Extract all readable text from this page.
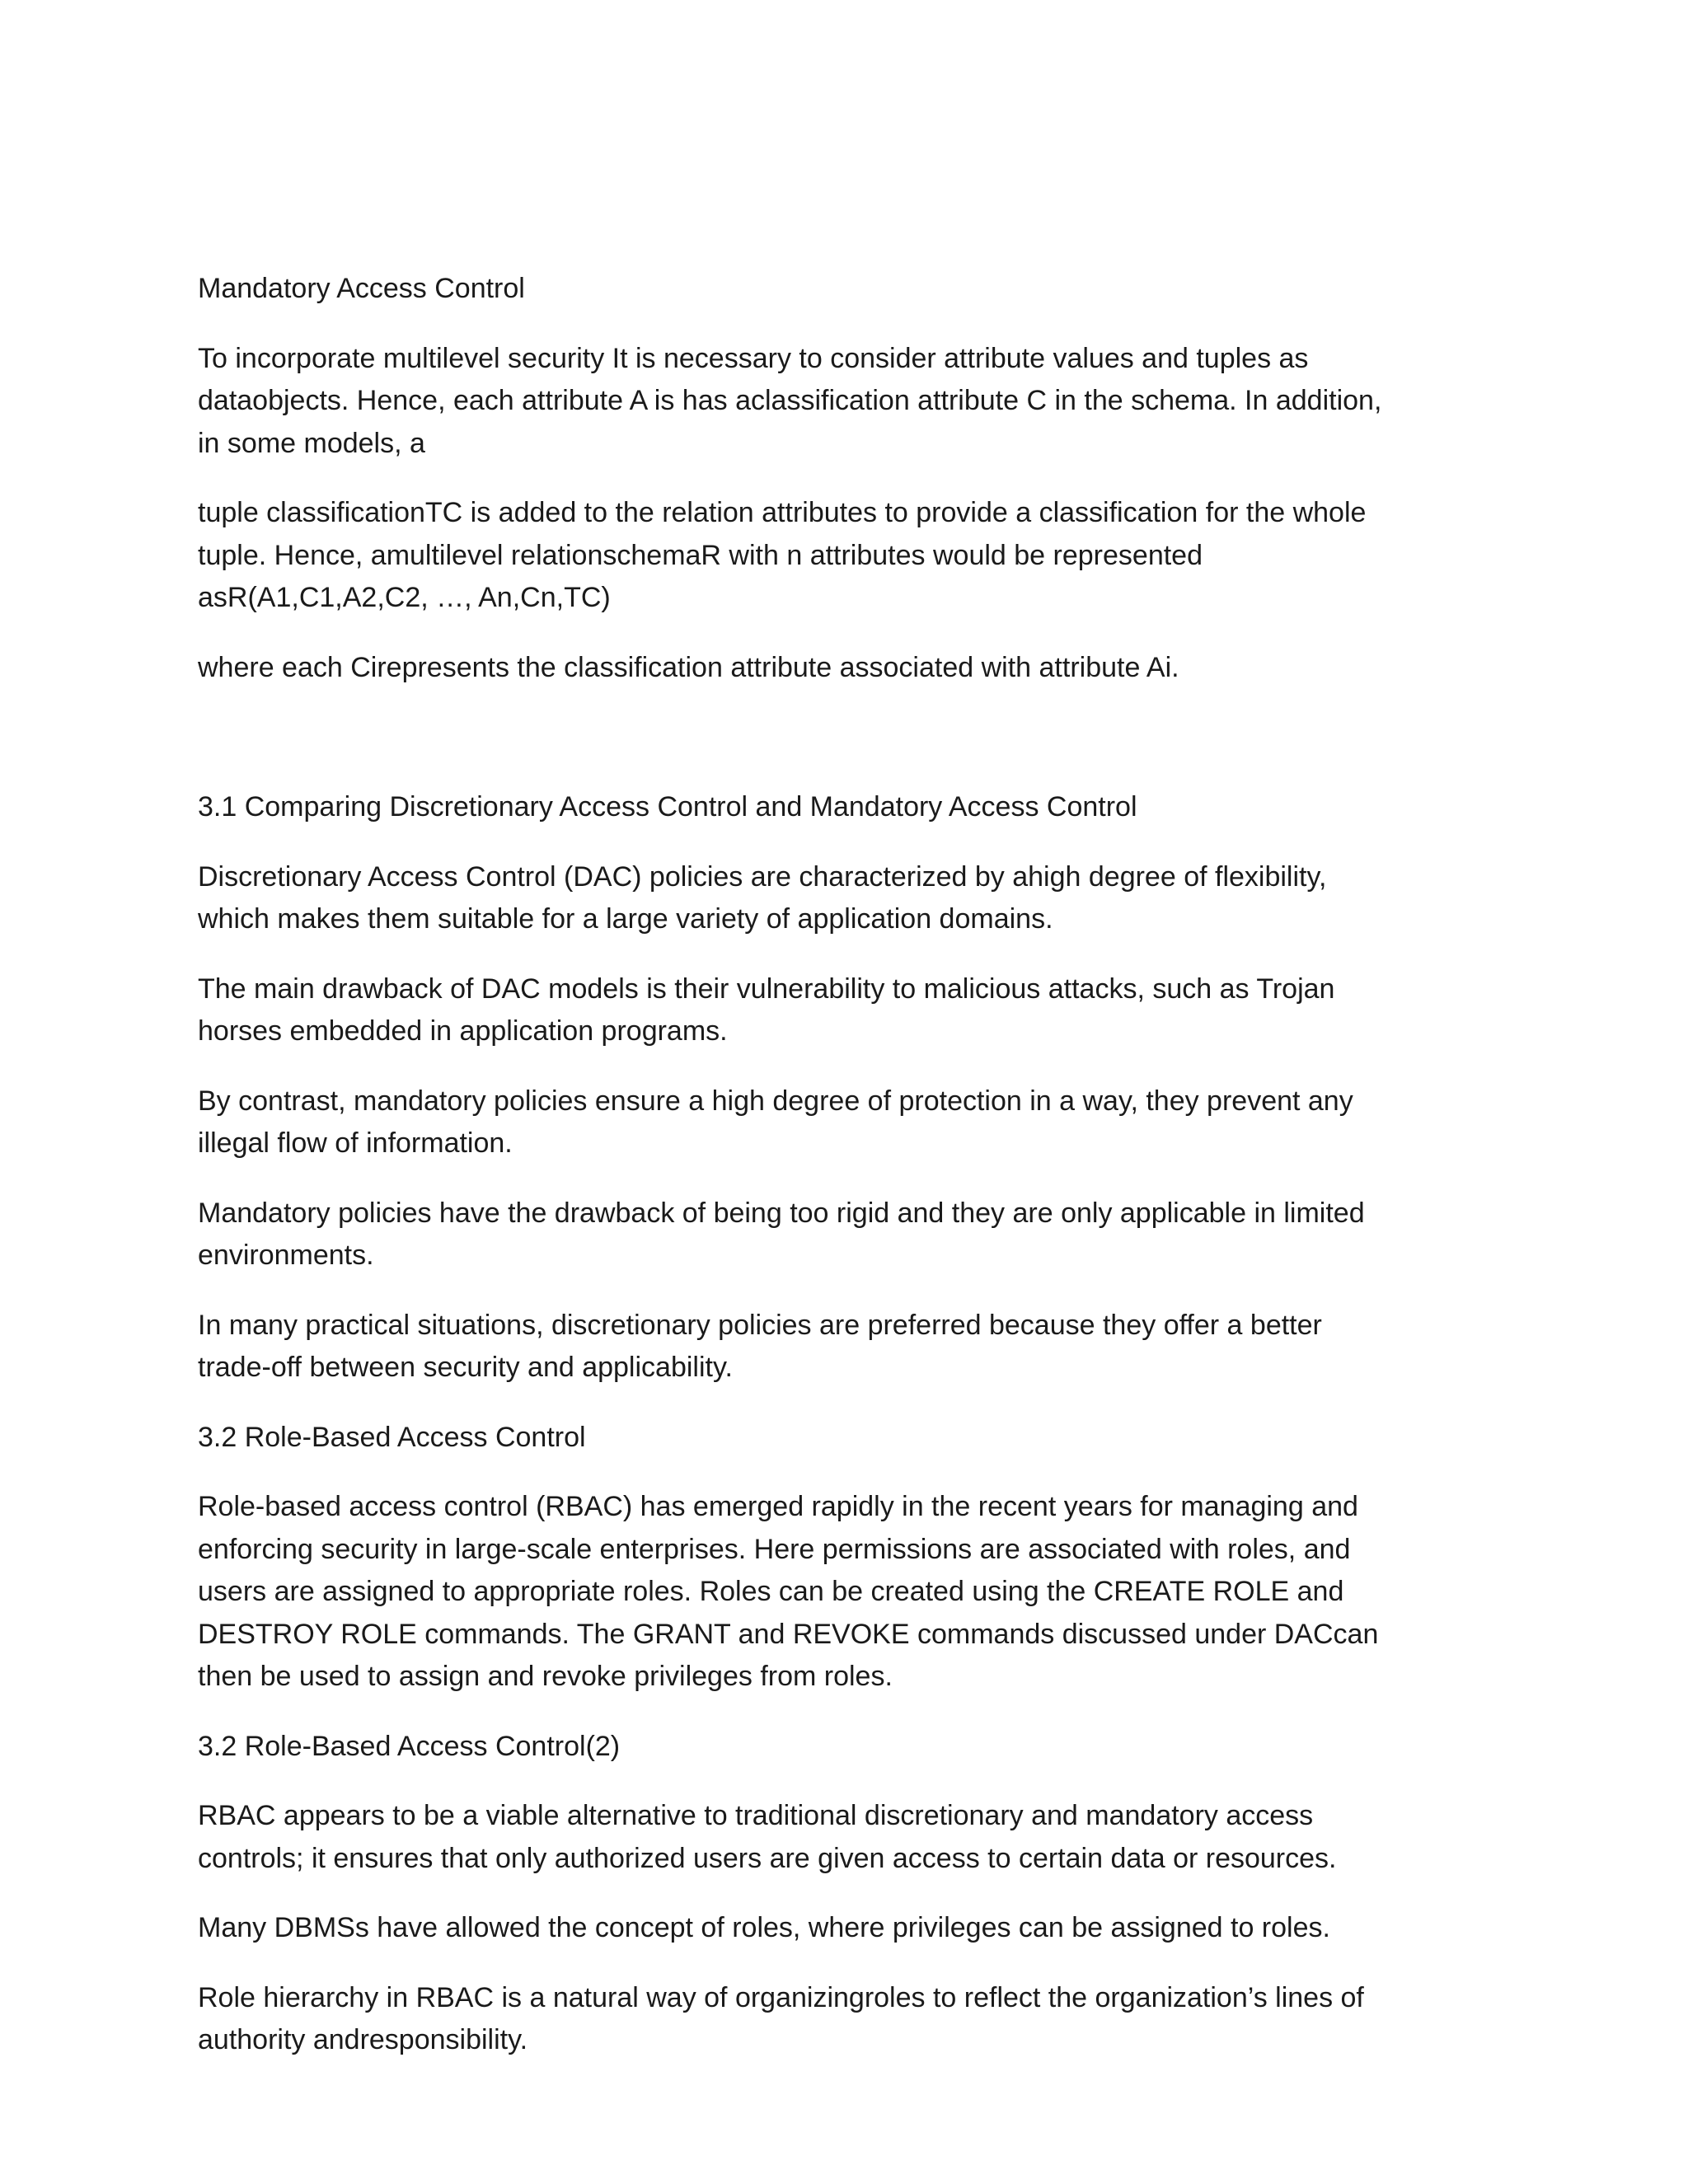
Mandatory Access Control

To incorporate multilevel security It is necessary to consider attribute values and tuples as dataobjects. Hence, each attribute A is has aclassification attribute C in the schema. In addition, in some models, a

tuple classificationTC is added to the relation attributes to provide a classification for the whole tuple. Hence, amultilevel relationschemaR with n attributes would be represented asR(A1,C1,A2,C2, …, An,Cn,TC)

where each Cirepresents the classification attribute associated with attribute Ai.

3.1 Comparing Discretionary Access Control and Mandatory Access Control

Discretionary Access Control (DAC) policies are characterized by ahigh degree of flexibility, which makes them suitable for a large variety of application domains.

The main drawback of DAC models is their vulnerability to malicious attacks, such as Trojan horses embedded in application programs.

By contrast, mandatory policies ensure a high degree of protection in a way, they prevent any illegal flow of information.

Mandatory policies have the drawback of being too rigid and they are only applicable in limited environments.

In many practical situations, discretionary policies are preferred because they offer a better trade-off between security and applicability.

3.2 Role-Based Access Control

Role-based access control (RBAC) has emerged rapidly in the recent years for managing and enforcing security in large-scale enterprises. Here permissions are associated with roles, and users are assigned to appropriate roles. Roles can be created using the CREATE ROLE and DESTROY ROLE commands. The GRANT and REVOKE commands discussed under DACcan then be used to assign and revoke privileges from roles.

3.2 Role-Based Access Control(2)

RBAC appears to be a viable alternative to traditional discretionary and mandatory access controls; it ensures that only authorized users are given access to certain data or resources.

Many DBMSs have allowed the concept of roles, where privileges can be assigned to roles.

Role hierarchy in RBAC is a natural way of organizingroles to reflect the organization’s lines of authority andresponsibility.
